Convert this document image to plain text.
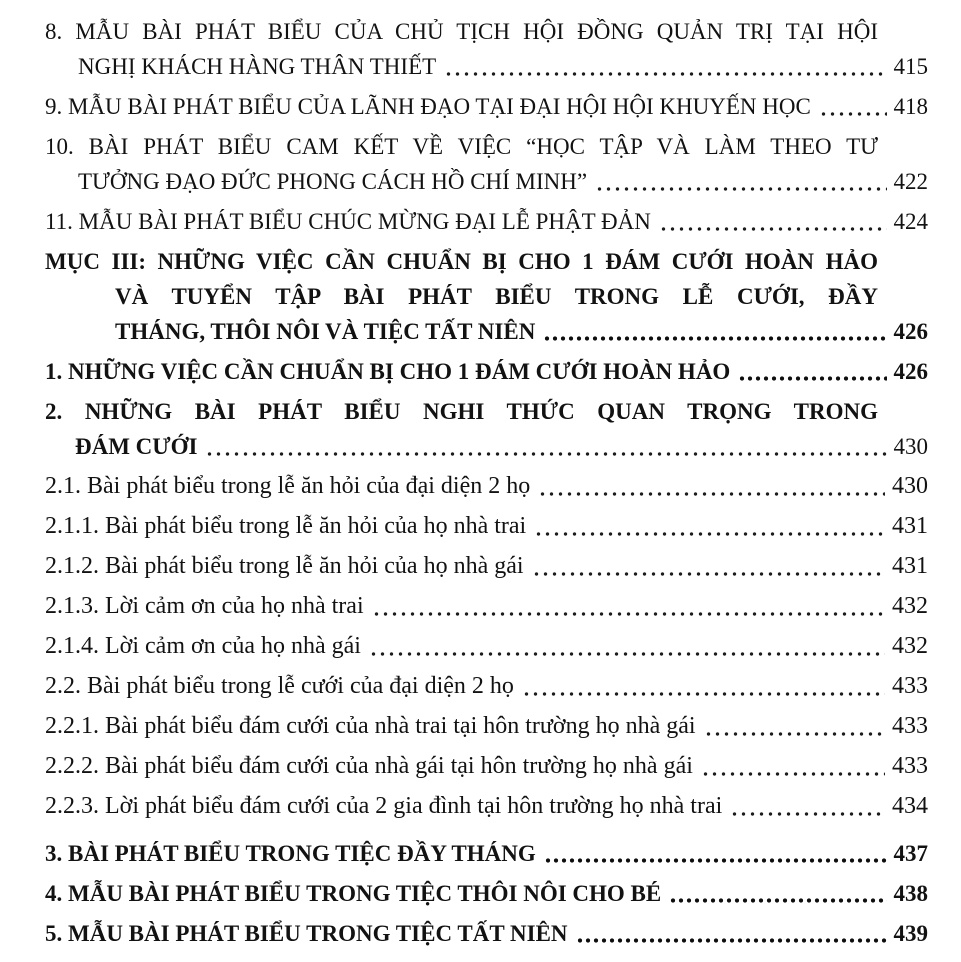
8. MẪU BÀI PHÁT BIỂU CỦA CHỦ TỊCH HỘI ĐỒNG QUẢN TRỊ TẠI HỘI
NGHỊ KHÁCH HÀNG THÂN THIẾT	415
9. MẪU BÀI PHÁT BIỂU CỦA LÃNH ĐẠO TẠI ĐẠI HỘI HỘI KHUYẾN HỌC	418
10. BÀI PHÁT BIỂU CAM KẾT VỀ VIỆC “HỌC TẬP VÀ LÀM THEO TƯ
TƯỞNG ĐẠO ĐỨC PHONG CÁCH HỒ CHÍ MINH”	422
11. MẪU BÀI PHÁT BIỂU CHÚC MỪNG ĐẠI LỄ PHẬT ĐẢN	424
MỤC III: NHỮNG VIỆC CẦN CHUẨN BỊ CHO 1 ĐÁM CƯỚI HOÀN HẢO
VÀ TUYỂN TẬP BÀI PHÁT BIỂU TRONG LỄ CƯỚI, ĐẦY
THÁNG, THÔI NÔI VÀ TIỆC TẤT NIÊN	426
1. NHỮNG VIỆC CẦN CHUẨN BỊ CHO 1 ĐÁM CƯỚI HOÀN HẢO	426
2. NHỮNG BÀI PHÁT BIỂU NGHI THỨC QUAN TRỌNG TRONG
ĐÁM CƯỚI	430
2.1. Bài phát biểu trong lễ ăn hỏi của đại diện 2 họ	430
2.1.1. Bài phát biểu trong lễ ăn hỏi của họ nhà trai	431
2.1.2. Bài phát biểu trong lễ ăn hỏi của họ nhà gái	431
2.1.3. Lời cảm ơn của họ nhà trai	432
2.1.4. Lời cảm ơn của họ nhà gái	432
2.2. Bài phát biểu trong lễ cưới của đại diện 2 họ	433
2.2.1. Bài phát biểu đám cưới của nhà trai tại hôn trường họ nhà gái	433
2.2.2. Bài phát biểu đám cưới của nhà gái tại hôn trường họ nhà gái	433
2.2.3. Lời phát biểu đám cưới của 2 gia đình tại hôn trường họ nhà trai	434
3. BÀI PHÁT BIỂU TRONG TIỆC ĐẦY THÁNG	437
4. MẪU BÀI PHÁT BIỂU TRONG TIỆC THÔI NÔI CHO BÉ	438
5. MẪU BÀI PHÁT BIỂU TRONG TIỆC TẤT NIÊN	439
